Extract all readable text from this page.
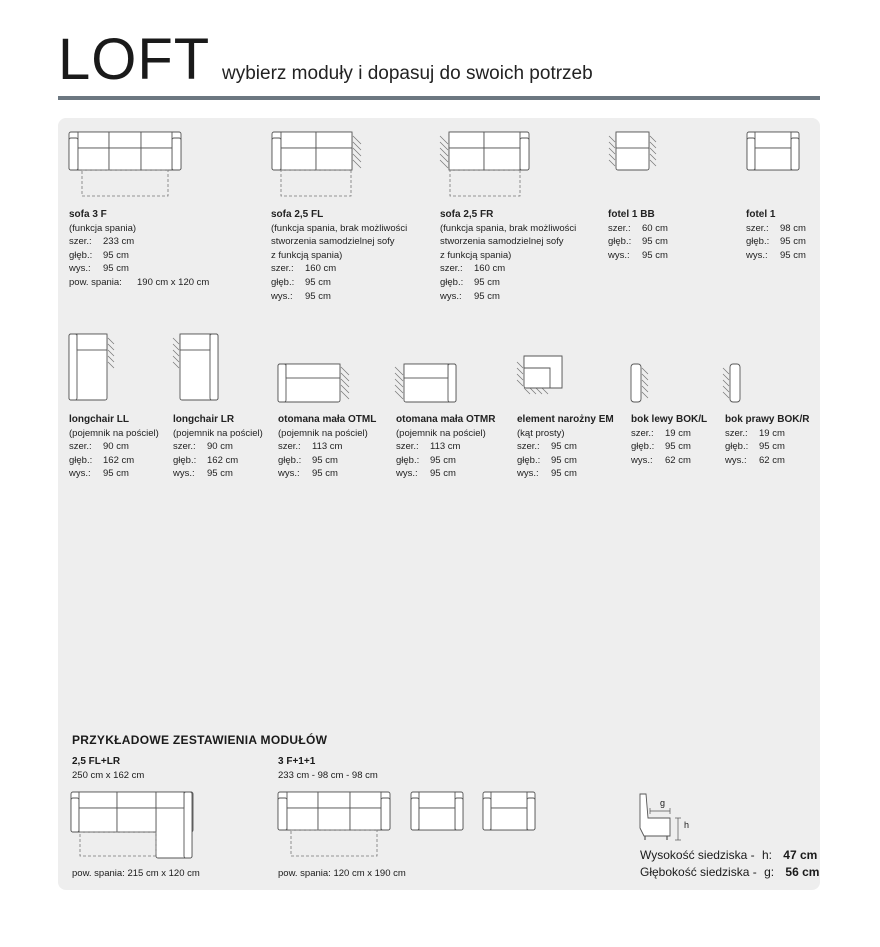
LOFT wybierz moduły i dopasuj do swoich potrzeb
sofa 3 F
(funkcja spania)
szer.: 233 cm
głęb.: 95 cm
wys.: 95 cm
pow. spania: 190 cm x 120 cm
sofa 2,5 FL
(funkcja spania, brak możliwości
stworzenia samodzielnej sofy
z funkcją spania)
szer.: 160 cm
głęb.: 95 cm
wys.: 95 cm
sofa 2,5 FR
(funkcja spania, brak możliwości
stworzenia samodzielnej sofy
z funkcją spania)
szer.: 160 cm
głęb.: 95 cm
wys.: 95 cm
fotel 1 BB
szer.: 60 cm
głęb.: 95 cm
wys.: 95 cm
fotel 1
szer.: 98 cm
głęb.: 95 cm
wys.: 95 cm
longchair LL
(pojemnik na pościel)
szer.: 90 cm
głęb.: 162 cm
wys.: 95 cm
longchair LR
(pojemnik na pościel)
szer.: 90 cm
głęb.: 162 cm
wys.: 95 cm
otomana mała OTML
(pojemnik na pościel)
szer.: 113 cm
głęb.: 95 cm
wys.: 95 cm
otomana mała OTMR
(pojemnik na pościel)
szer.: 113 cm
głęb.: 95 cm
wys.: 95 cm
element narożny EM
(kąt prosty)
szer.: 95 cm
głęb.: 95 cm
wys.: 95 cm
bok lewy BOK/L
szer.: 19 cm
głęb.: 95 cm
wys.: 62 cm
bok prawy BOK/R
szer.: 19 cm
głęb.: 95 cm
wys.: 62 cm
PRZYKŁADOWE ZESTAWIENIA MODUŁÓW
2,5 FL+LR
250 cm x 162 cm
3 F+1+1
233 cm - 98 cm - 98 cm
pow. spania: 215 cm x 120 cm	pow. spania: 120 cm x 190 cm
g
h
Wysokość siedziska - h: 47 cm
Głębokość siedziska - g: 56 cm
